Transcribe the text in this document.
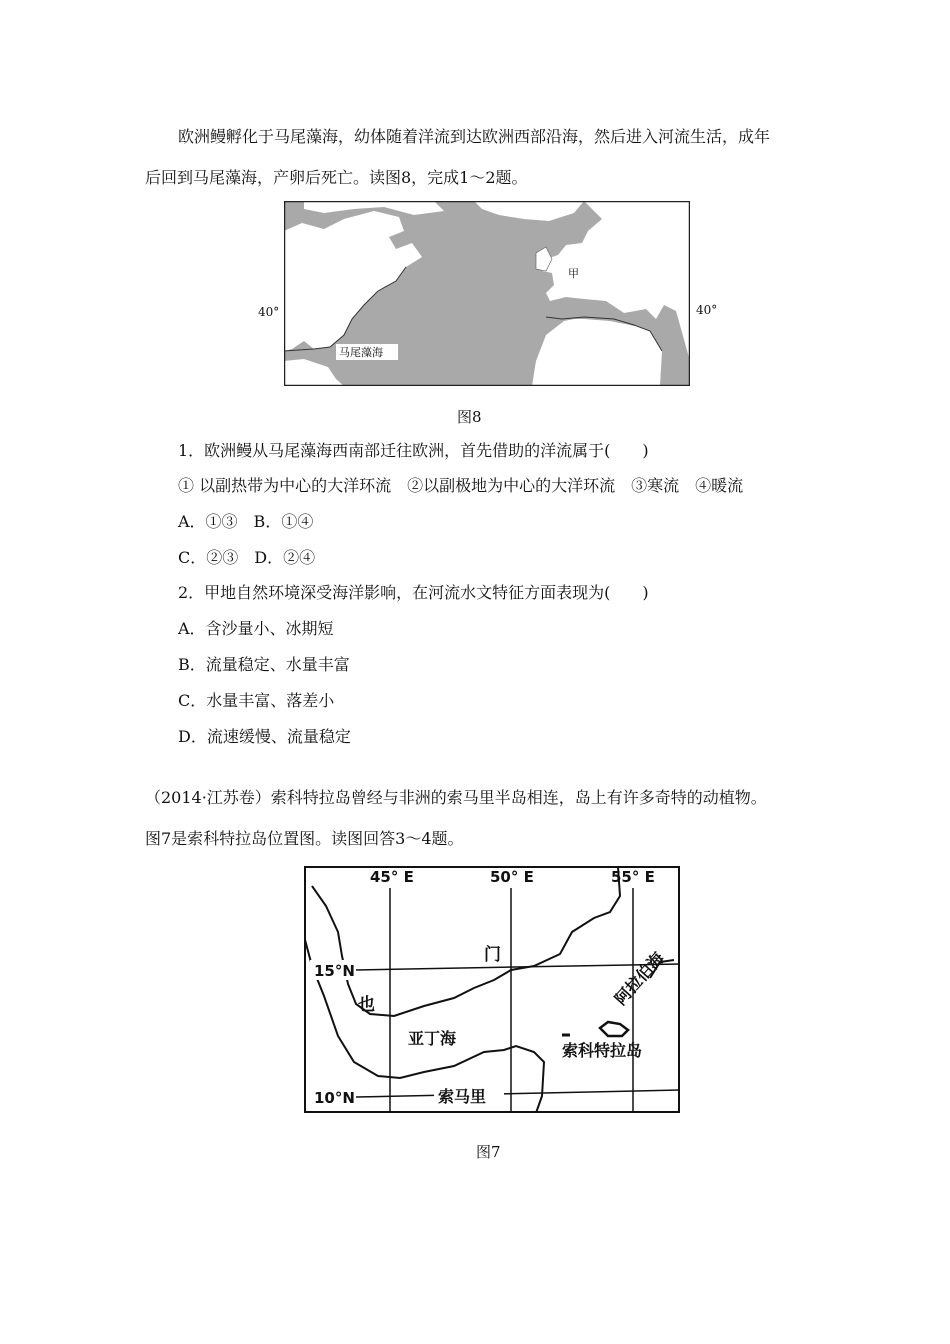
欧洲鳗孵化于马尾藻海，幼体随着洋流到达欧洲西部沿海，然后进入河流生活，成年
后回到马尾藻海，产卵后死亡。读图8，完成1～2题。
40°	40°
甲
马尾藻海
图8
1．欧洲鳗从马尾藻海西南部迁往欧洲，首先借助的洋流属于(　　)
① 以副热带为中心的大洋环流　②以副极地为中心的大洋环流　③寒流　④暖流
A．①③　B．①④
C．②③　D．②④
2．甲地自然环境深受海洋影响，在河流水文特征方面表现为(　　)
A．含沙量小、冰期短
B．流量稳定、水量丰富
C．水量丰富、落差小
D．流速缓慢、流量稳定
（2014·江苏卷）索科特拉岛曾经与非洲的索马里半岛相连，岛上有许多奇特的动植物。
图7是索科特拉岛位置图。读图回答3～4题。
45° E	50° E	55° E
15°N
10°N
门
也
亚丁海
阿拉伯海
索科特拉岛
索马里
图7
